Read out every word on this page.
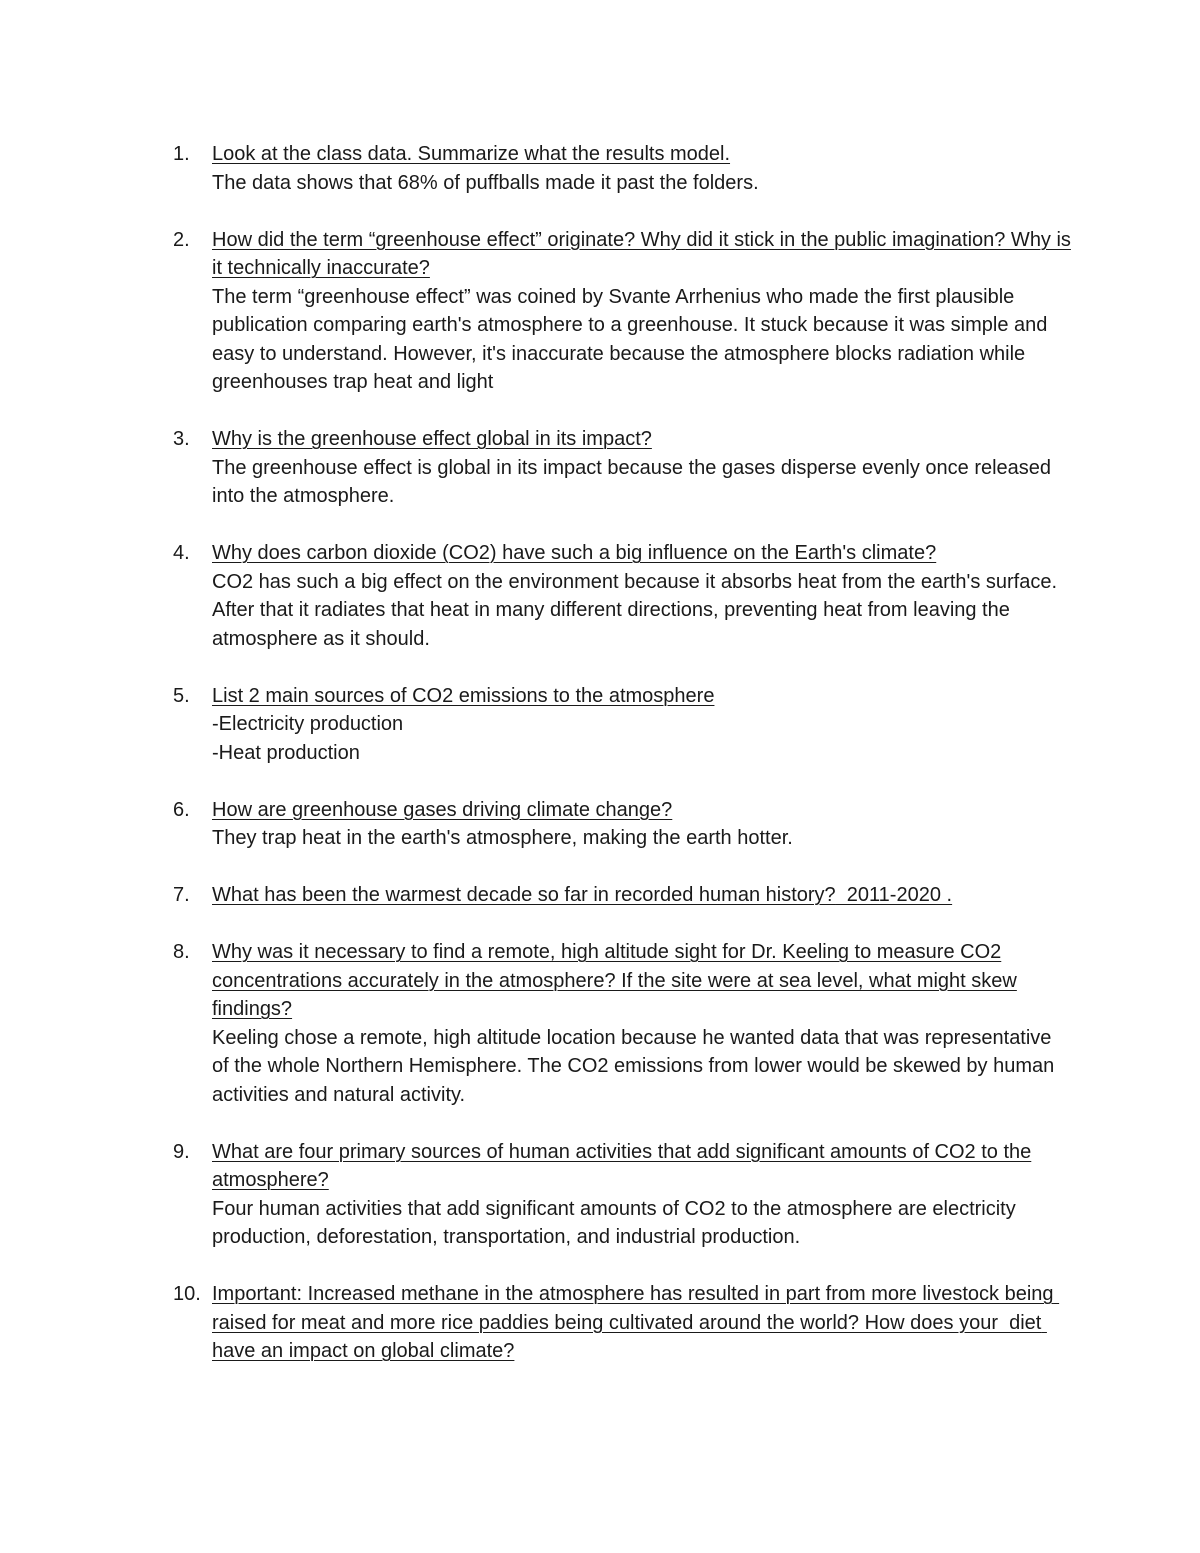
1. Look at the class data. Summarize what the results model.
The data shows that 68% of puffballs made it past the folders.
2. How did the term “greenhouse effect” originate? Why did it stick in the public imagination? Why is it technically inaccurate?
The term “greenhouse effect” was coined by Svante Arrhenius who made the first plausible publication comparing earth's atmosphere to a greenhouse. It stuck because it was simple and easy to understand. However, it's inaccurate because the atmosphere blocks radiation while greenhouses trap heat and light
3. Why is the greenhouse effect global in its impact?
The greenhouse effect is global in its impact because the gases disperse evenly once released into the atmosphere.
4. Why does carbon dioxide (CO2) have such a big influence on the Earth's climate?
CO2 has such a big effect on the environment because it absorbs heat from the earth's surface. After that it radiates that heat in many different directions, preventing heat from leaving the atmosphere as it should.
5. List 2 main sources of CO2 emissions to the atmosphere
-Electricity production
-Heat production
6. How are greenhouse gases driving climate change?
They trap heat in the earth's atmosphere, making the earth hotter.
7. What has been the warmest decade so far in recorded human history?  2011-2020 .
8. Why was it necessary to find a remote, high altitude sight for Dr. Keeling to measure CO2 concentrations accurately in the atmosphere? If the site were at sea level, what might skew findings?
Keeling chose a remote, high altitude location because he wanted data that was representative of the whole Northern Hemisphere. The CO2 emissions from lower would be skewed by human activities and natural activity.
9. What are four primary sources of human activities that add significant amounts of CO2 to the atmosphere?
Four human activities that add significant amounts of CO2 to the atmosphere are electricity production, deforestation, transportation, and industrial production.
10. Important: Increased methane in the atmosphere has resulted in part from more livestock being raised for meat and more rice paddies being cultivated around the world? How does your  diet have an impact on global climate?
